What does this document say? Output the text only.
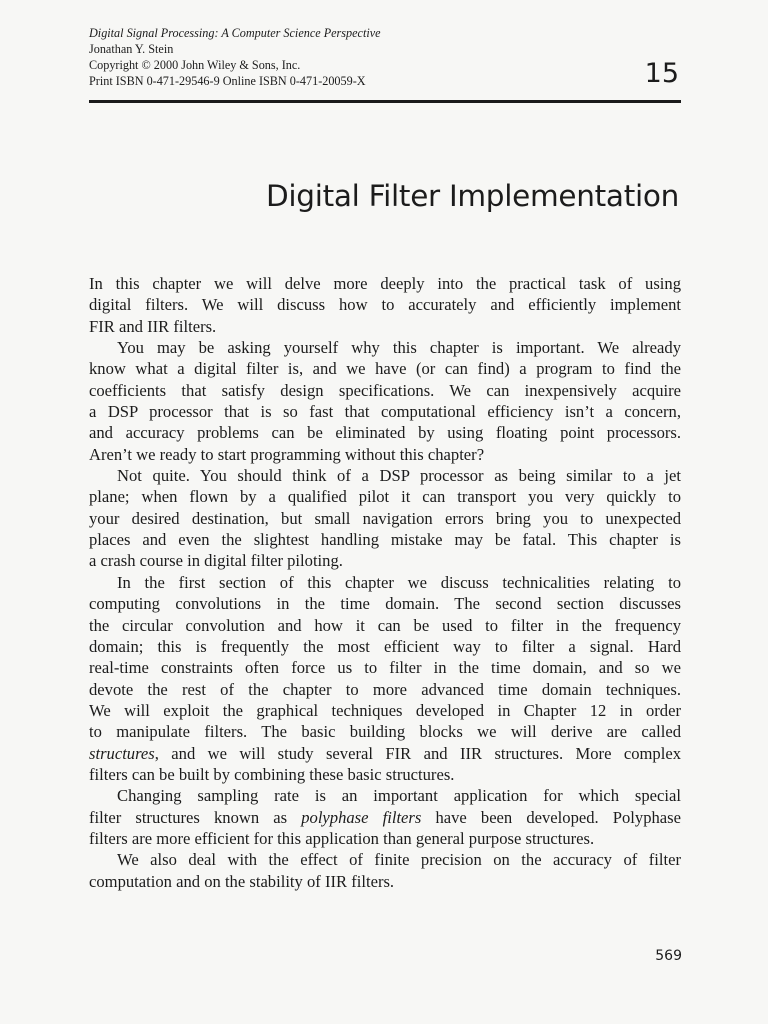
Digital Signal Processing: A Computer Science Perspective
Jonathan Y. Stein
Copyright © 2000 John Wiley & Sons, Inc.
Print ISBN 0-471-29546-9 Online ISBN 0-471-20059-X	15
Digital Filter Implementation
In this chapter we will delve more deeply into the practical task of using
digital filters. We will discuss how to accurately and efficiently implement
FIR and IIR filters.
You may be asking yourself why this chapter is important. We already
know what a digital filter is, and we have (or can find) a program to find the
coefficients that satisfy design specifications. We can inexpensively acquire
a DSP processor that is so fast that computational efficiency isn’t a concern,
and accuracy problems can be eliminated by using floating point processors.
Aren’t we ready to start programming without this chapter?
Not quite. You should think of a DSP processor as being similar to a jet
plane; when flown by a qualified pilot it can transport you very quickly to
your desired destination, but small navigation errors bring you to unexpected
places and even the slightest handling mistake may be fatal. This chapter is
a crash course in digital filter piloting.
In the first section of this chapter we discuss technicalities relating to
computing convolutions in the time domain. The second section discusses
the circular convolution and how it can be used to filter in the frequency
domain; this is frequently the most efficient way to filter a signal. Hard
real-time constraints often force us to filter in the time domain, and so we
devote the rest of the chapter to more advanced time domain techniques.
We will exploit the graphical techniques developed in Chapter 12 in order
to manipulate filters. The basic building blocks we will derive are called
structures, and we will study several FIR and IIR structures. More complex
filters can be built by combining these basic structures.
Changing sampling rate is an important application for which special
filter structures known as polyphase filters have been developed. Polyphase
filters are more efficient for this application than general purpose structures.
We also deal with the effect of finite precision on the accuracy of filter
computation and on the stability of IIR filters.
569
